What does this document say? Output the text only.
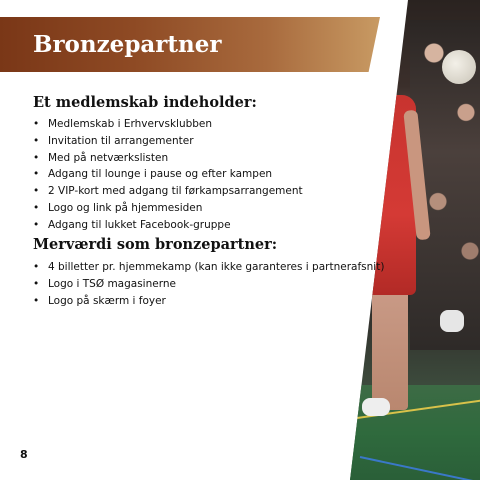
Bronzepartner
Et medlemskab indeholder:
• Medlemskab i Erhvervsklubben
• Invitation til arrangementer
• Med på netværkslisten
• Adgang til lounge i pause og efter kampen
• 2 VIP-kort med adgang til førkampsarrangement
• Logo og link på hjemmesiden
• Adgang til lukket Facebook-gruppe
Merværdi som bronzepartner:
• 4 billetter pr. hjemmekamp (kan ikke garanteres i partnerafsnit)
• Logo i TSØ magasinerne
• Logo på skærm i foyer

8
